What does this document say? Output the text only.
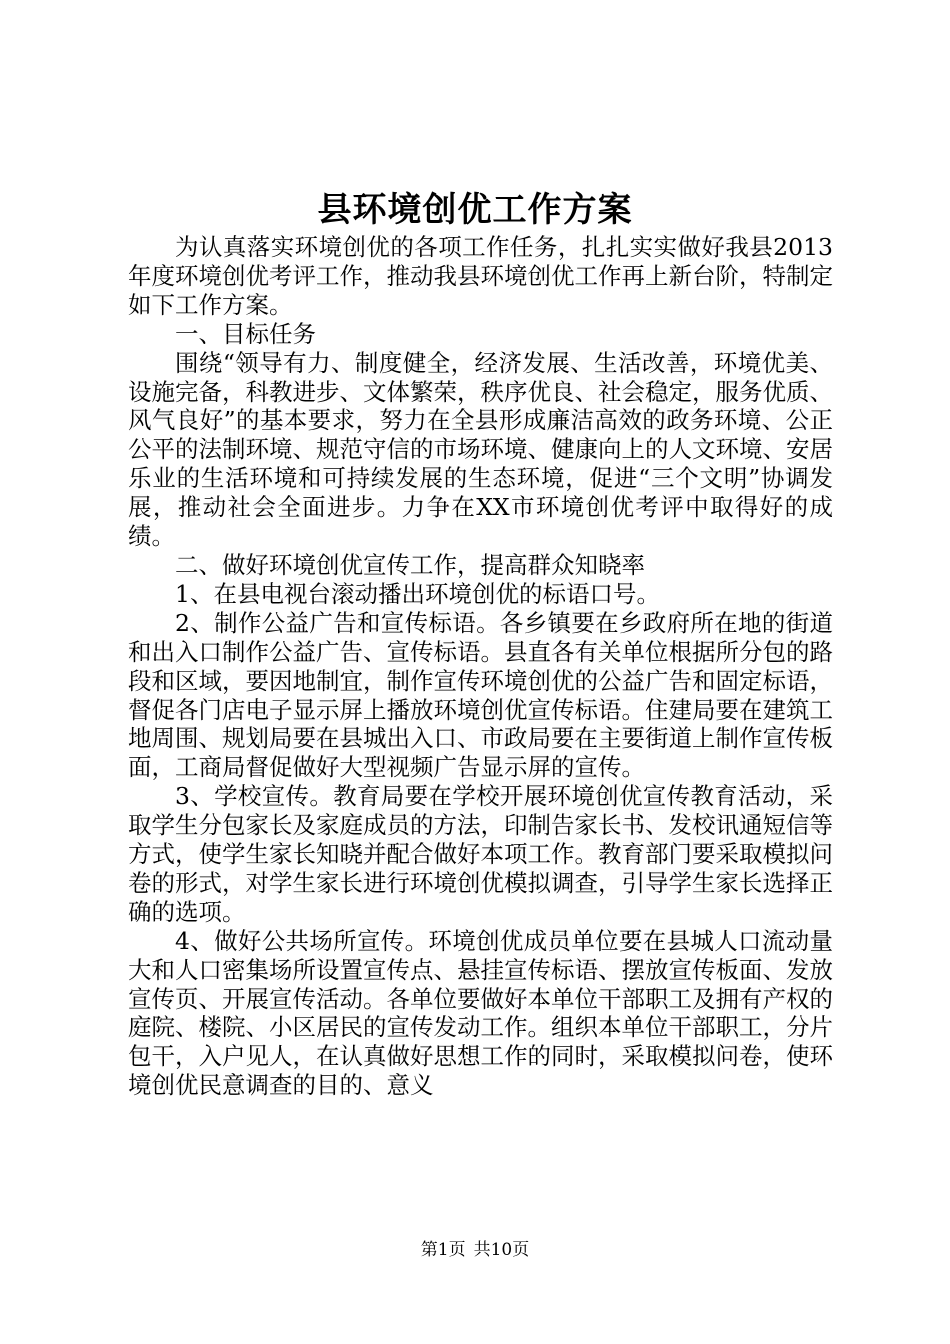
县环境创优工作方案

为认真落实环境创优的各项工作任务，扎扎实实做好我县2013年度环境创优考评工作，推动我县环境创优工作再上新台阶，特制定如下工作方案。

一、目标任务

围绕“领导有力、制度健全，经济发展、生活改善，环境优美、设施完备，科教进步、文体繁荣，秩序优良、社会稳定，服务优质、风气良好”的基本要求，努力在全县形成廉洁高效的政务环境、公正公平的法制环境、规范守信的市场环境、健康向上的人文环境、安居乐业的生活环境和可持续发展的生态环境，促进“三个文明”协调发展，推动社会全面进步。力争在XX市环境创优考评中取得好的成绩。

二、做好环境创优宣传工作，提高群众知晓率

1、在县电视台滚动播出环境创优的标语口号。

2、制作公益广告和宣传标语。各乡镇要在乡政府所在地的街道和出入口制作公益广告、宣传标语。县直各有关单位根据所分包的路段和区域，要因地制宜，制作宣传环境创优的公益广告和固定标语，督促各门店电子显示屏上播放环境创优宣传标语。住建局要在建筑工地周围、规划局要在县城出入口、市政局要在主要街道上制作宣传板面，工商局督促做好大型视频广告显示屏的宣传。

3、学校宣传。教育局要在学校开展环境创优宣传教育活动，采取学生分包家长及家庭成员的方法，印制告家长书、发校讯通短信等方式，使学生家长知晓并配合做好本项工作。教育部门要采取模拟问卷的形式，对学生家长进行环境创优模拟调查，引导学生家长选择正确的选项。

4、做好公共场所宣传。环境创优成员单位要在县城人口流动量大和人口密集场所设置宣传点、悬挂宣传标语、摆放宣传板面、发放宣传页、开展宣传活动。各单位要做好本单位干部职工及拥有产权的庭院、楼院、小区居民的宣传发动工作。组织本单位干部职工，分片包干，入户见人，在认真做好思想工作的同时，采取模拟问卷，使环境创优民意调查的目的、意义

第1页 共10页
